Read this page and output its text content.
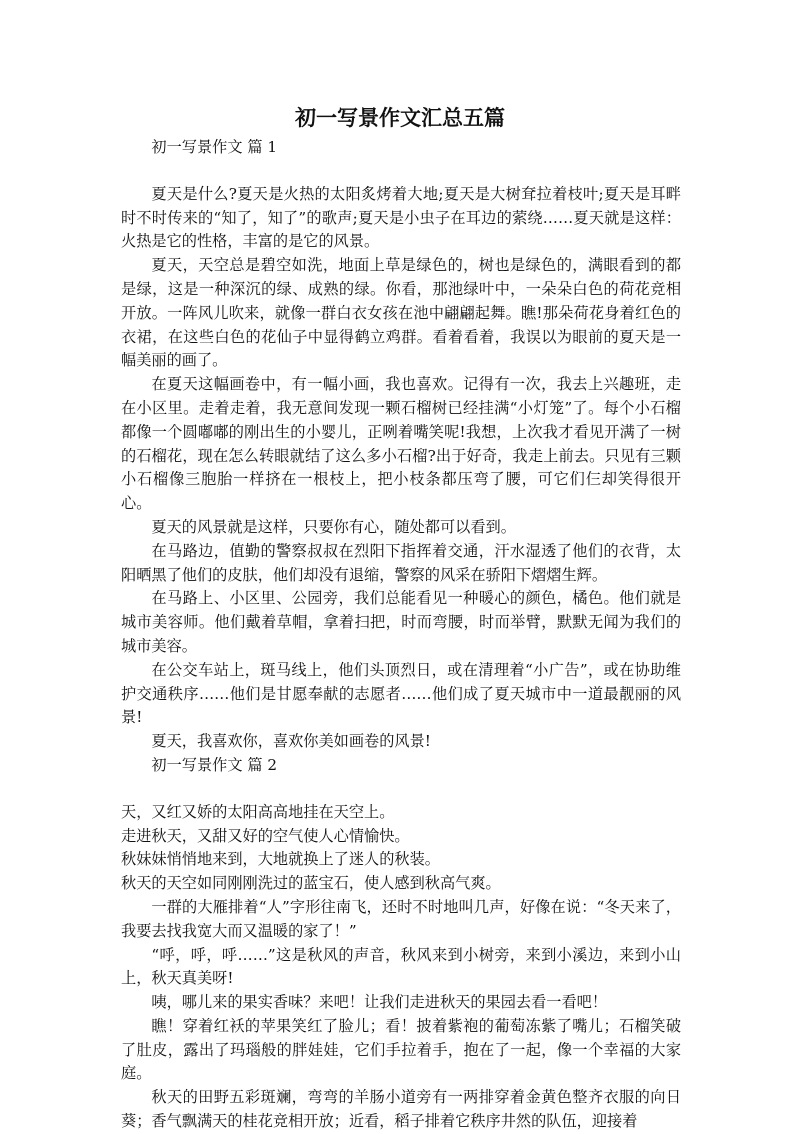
初一写景作文汇总五篇

初一写景作文 篇 1

夏天是什么?夏天是火热的太阳炙烤着大地;夏天是大树耷拉着枝叶;夏天是耳畔时不时传来的“知了，知了”的歌声;夏天是小虫子在耳边的萦绕……夏天就是这样：火热是它的性格，丰富的是它的风景。

夏天，天空总是碧空如洗，地面上草是绿色的，树也是绿色的，满眼看到的都是绿，这是一种深沉的绿、成熟的绿。你看，那池绿叶中，一朵朵白色的荷花竞相开放。一阵风儿吹来，就像一群白衣女孩在池中翩翩起舞。瞧!那朵荷花身着红色的衣裙，在这些白色的花仙子中显得鹤立鸡群。看着看着，我误以为眼前的夏天是一幅美丽的画了。

在夏天这幅画卷中，有一幅小画，我也喜欢。记得有一次，我去上兴趣班，走在小区里。走着走着，我无意间发现一颗石榴树已经挂满“小灯笼”了。每个小石榴都像一个圆嘟嘟的刚出生的小婴儿，正咧着嘴笑呢!我想，上次我才看见开满了一树的石榴花，现在怎么转眼就结了这么多小石榴?出于好奇，我走上前去。只见有三颗小石榴像三胞胎一样挤在一根枝上，把小枝条都压弯了腰，可它们仨却笑得很开心。

夏天的风景就是这样，只要你有心，随处都可以看到。

在马路边，值勤的警察叔叔在烈阳下指挥着交通，汗水湿透了他们的衣背，太阳晒黑了他们的皮肤，他们却没有退缩，警察的风采在骄阳下熠熠生辉。

在马路上、小区里、公园旁，我们总能看见一种暖心的颜色，橘色。他们就是城市美容师。他们戴着草帽，拿着扫把，时而弯腰，时而举臂，默默无闻为我们的城市美容。

在公交车站上，斑马线上，他们头顶烈日，或在清理着“小广告”，或在协助维护交通秩序……他们是甘愿奉献的志愿者……他们成了夏天城市中一道最靓丽的风景!

夏天，我喜欢你，喜欢你美如画卷的风景!

初一写景作文 篇 2

天，又红又娇的太阳高高地挂在天空上。

走进秋天，又甜又好的空气使人心情愉快。

秋妹妹悄悄地来到，大地就换上了迷人的秋装。

秋天的天空如同刚刚洗过的蓝宝石，使人感到秋高气爽。

一群的大雁排着“人”字形往南飞，还时不时地叫几声，好像在说：“冬天来了，我要去找我宽大而又温暖的家了！”

“呼，呼，呼……”这是秋风的声音，秋风来到小树旁，来到小溪边，来到小山上，秋天真美呀!

咦，哪儿来的果实香味？来吧！让我们走进秋天的果园去看一看吧！

瞧！穿着红袄的苹果笑红了脸儿；看！披着紫袍的葡萄冻紫了嘴儿；石榴笑破了肚皮，露出了玛瑙般的胖娃娃，它们手拉着手，抱在了一起，像一个幸福的大家庭。

秋天的田野五彩斑斓，弯弯的羊肠小道旁有一两排穿着金黄色整齐衣服的向日葵；香气飘满天的桂花竞相开放；近看，稻子排着它秩序井然的队伍，迎接着
